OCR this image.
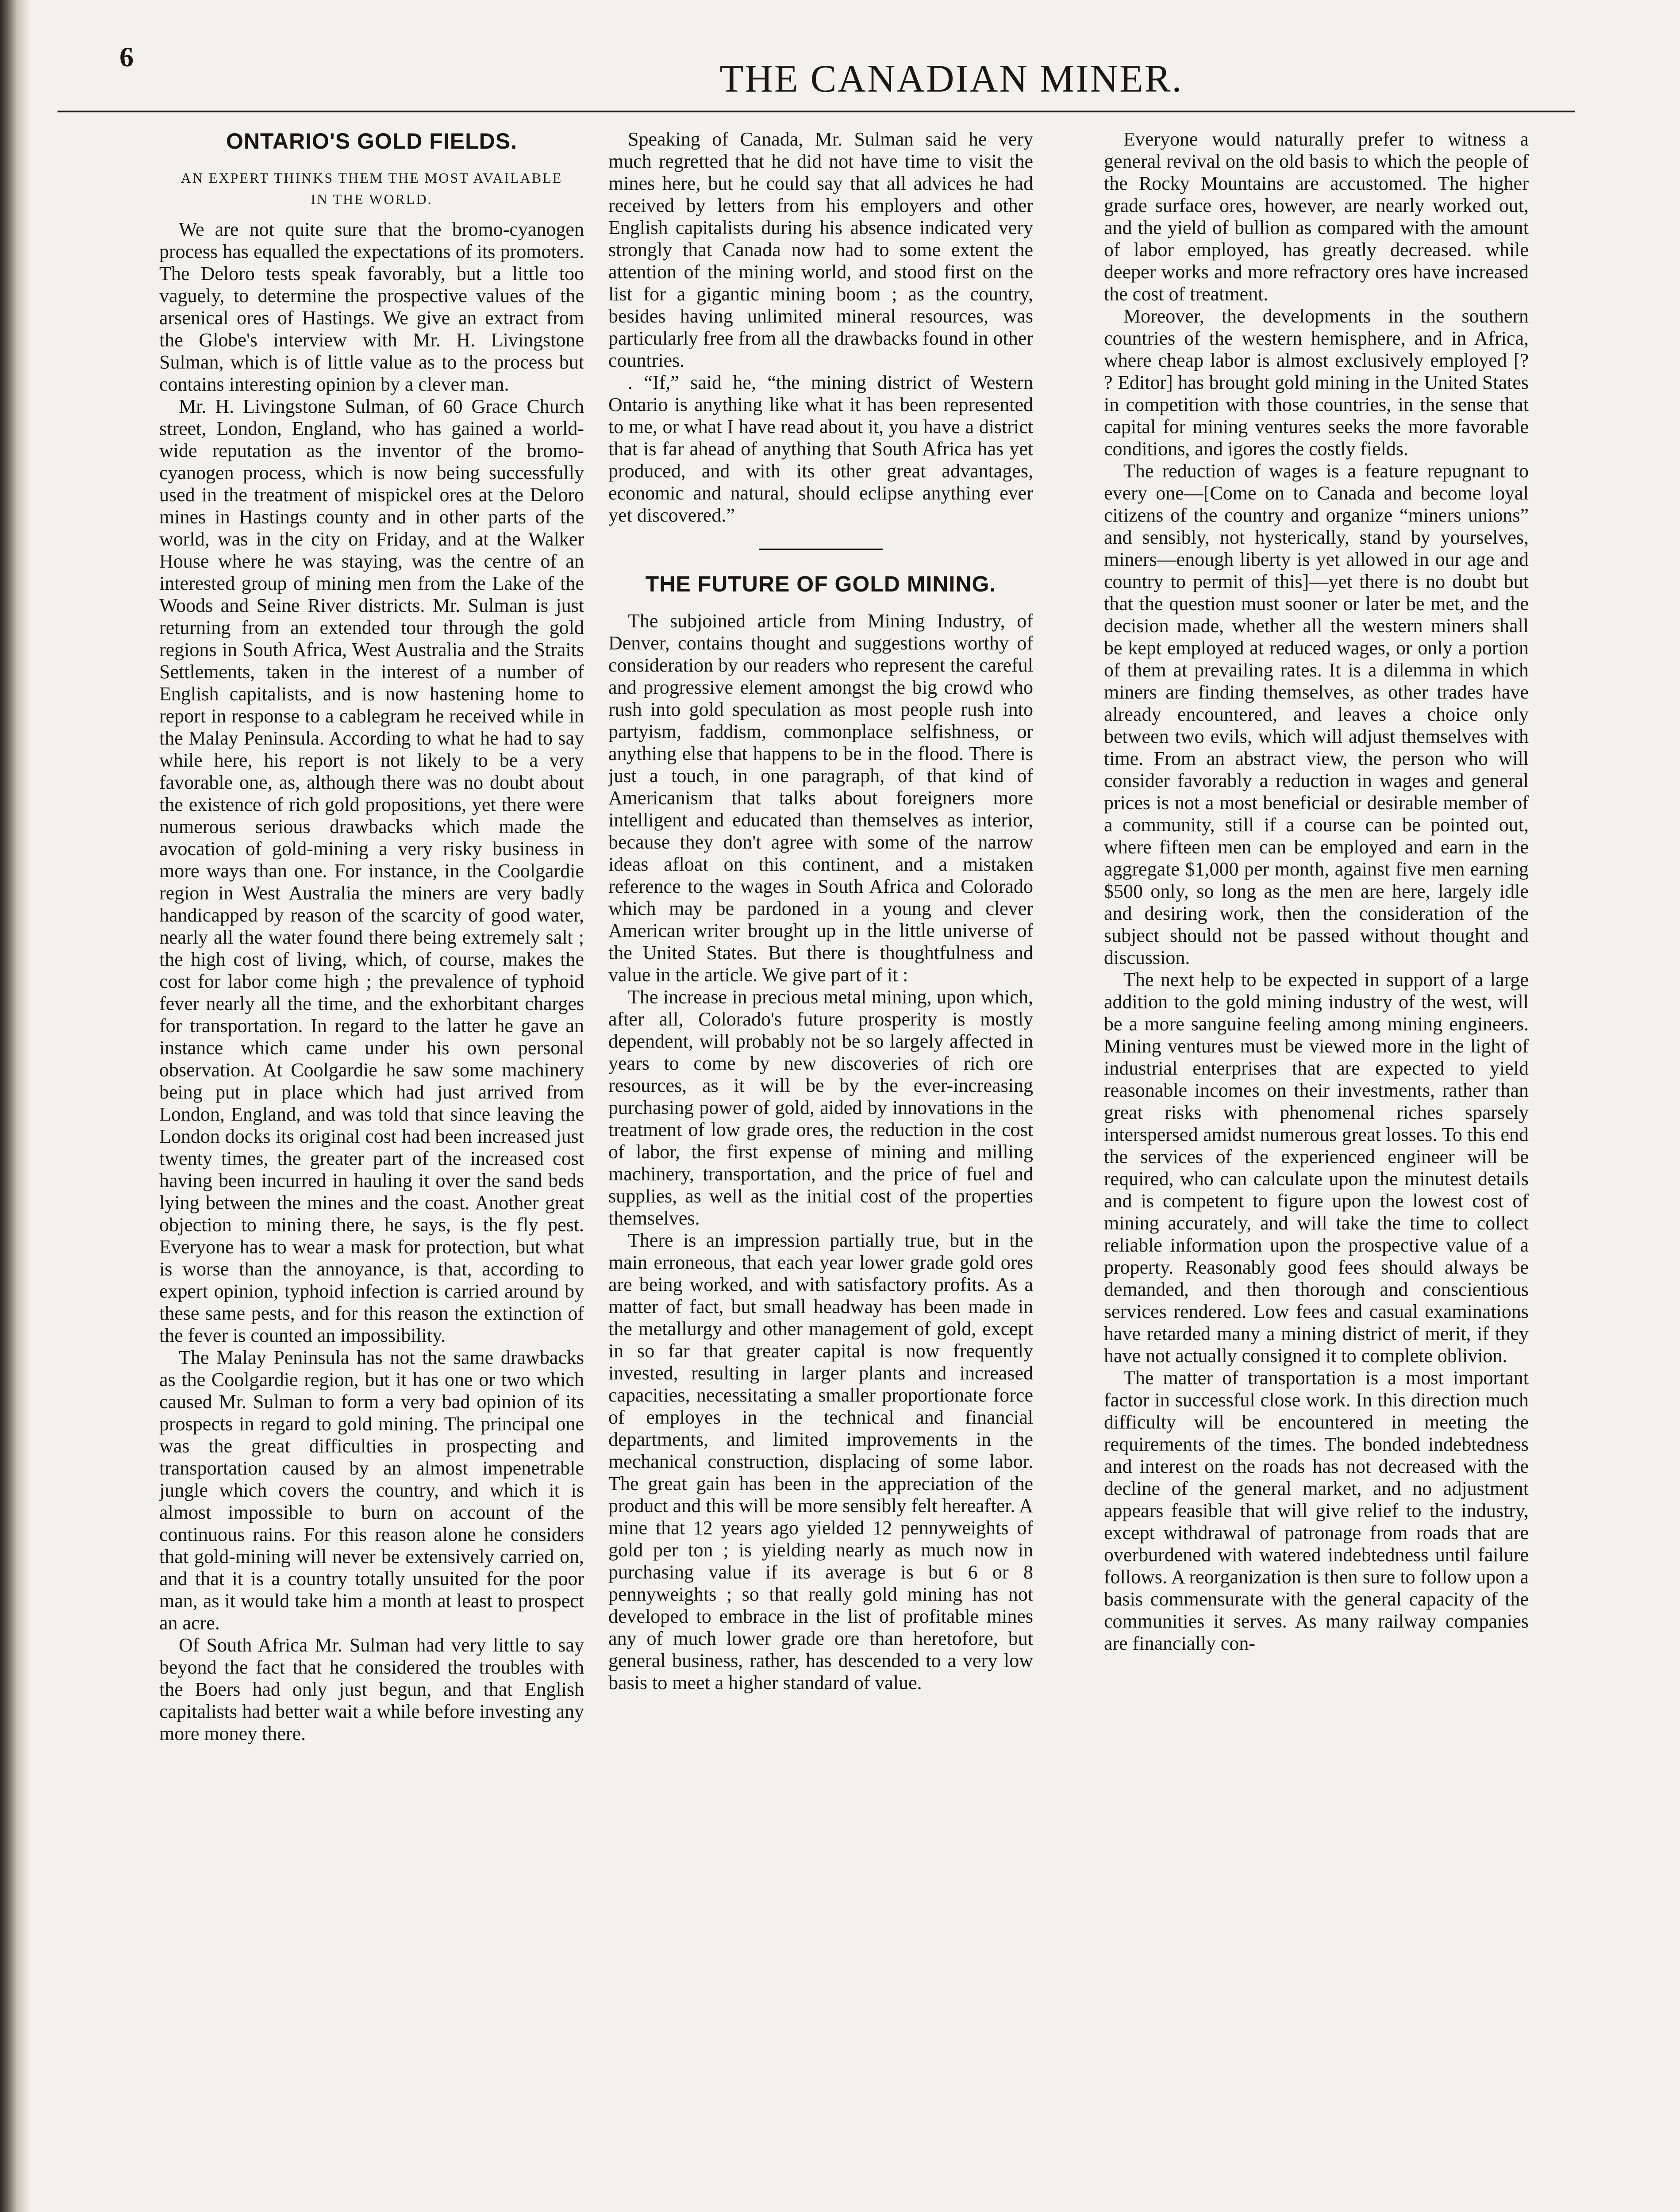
6
THE CANADIAN MINER.
ONTARIO'S GOLD FIELDS.
AN EXPERT THINKS THEM THE MOST AVAILABLE IN THE WORLD.

We are not quite sure that the bromo-cyanogen process has equalled the expectations of its promoters. The Deloro tests speak favorably, but a little too vaguely, to determine the prospective values of the arsenical ores of Hastings. We give an extract from the Globe's interview with Mr. H. Livingstone Sulman, which is of little value as to the process but contains interesting opinion by a clever man.

Mr. H. Livingstone Sulman, of 60 Grace Church street, London, England, who has gained a world-wide reputation as the inventor of the bromo-cyanogen process, which is now being successfully used in the treatment of mispickel ores at the Deloro mines in Hastings county and in other parts of the world, was in the city on Friday, and at the Walker House where he was staying, was the centre of an interested group of mining men from the Lake of the Woods and Seine River districts. Mr. Sulman is just returning from an extended tour through the gold regions in South Africa, West Australia and the Straits Settlements, taken in the interest of a number of English capitalists, and is now hastening home to report in response to a cablegram he received while in the Malay Peninsula. According to what he had to say while here, his report is not likely to be a very favorable one, as, although there was no doubt about the existence of rich gold propositions, yet there were numerous serious drawbacks which made the avocation of gold-mining a very risky business in more ways than one. For instance, in the Coolgardie region in West Australia the miners are very badly handicapped by reason of the scarcity of good water, nearly all the water found there being extremely salt ; the high cost of living, which, of course, makes the cost for labor come high ; the prevalence of typhoid fever nearly all the time, and the exhorbitant charges for transportation. In regard to the latter he gave an instance which came under his own personal observation. At Coolgardie he saw some machinery being put in place which had just arrived from London, England, and was told that since leaving the London docks its original cost had been increased just twenty times, the greater part of the increased cost having been incurred in hauling it over the sand beds lying between the mines and the coast. Another great objection to mining there, he says, is the fly pest. Everyone has to wear a mask for protection, but what is worse than the annoyance, is that, according to expert opinion, typhoid infection is carried around by these same pests, and for this reason the extinction of the fever is counted an impossibility.

The Malay Peninsula has not the same drawbacks as the Coolgardie region, but it has one or two which caused Mr. Sulman to form a very bad opinion of its prospects in regard to gold mining. The principal one was the great difficulties in prospecting and transportation caused by an almost impenetrable jungle which covers the country, and which it is almost impossible to burn on account of the continuous rains. For this reason alone he considers that gold-mining will never be extensively carried on, and that it is a country totally unsuited for the poor man, as it would take him a month at least to prospect an acre.

Of South Africa Mr. Sulman had very little to say beyond the fact that he considered the troubles with the Boers had only just begun, and that English capitalists had better wait a while before investing any more money there.

Speaking of Canada, Mr. Sulman said he very much regretted that he did not have time to visit the mines here, but he could say that all advices he had received by letters from his employers and other English capitalists during his absence indicated very strongly that Canada now had to some extent the attention of the mining world, and stood first on the list for a gigantic mining boom ; as the country, besides having unlimited mineral resources, was particularly free from all the drawbacks found in other countries.

. “If,” said he, “the mining district of Western Ontario is anything like what it has been represented to me, or what I have read about it, you have a district that is far ahead of anything that South Africa has yet produced, and with its other great advantages, economic and natural, should eclipse anything ever yet discovered.”

THE FUTURE OF GOLD MINING.

The subjoined article from Mining Industry, of Denver, contains thought and suggestions worthy of consideration by our readers who represent the careful and progressive element amongst the big crowd who rush into gold speculation as most people rush into partyism, faddism, commonplace selfishness, or anything else that happens to be in the flood. There is just a touch, in one paragraph, of that kind of Americanism that talks about foreigners more intelligent and educated than themselves as interior, because they don't agree with some of the narrow ideas afloat on this continent, and a mistaken reference to the wages in South Africa and Colorado which may be pardoned in a young and clever American writer brought up in the little universe of the United States. But there is thoughtfulness and value in the article. We give part of it :

The increase in precious metal mining, upon which, after all, Colorado's future prosperity is mostly dependent, will probably not be so largely affected in years to come by new discoveries of rich ore resources, as it will be by the ever-increasing purchasing power of gold, aided by innovations in the treatment of low grade ores, the reduction in the cost of labor, the first expense of mining and milling machinery, transportation, and the price of fuel and supplies, as well as the initial cost of the properties themselves.

There is an impression partially true, but in the main erroneous, that each year lower grade gold ores are being worked, and with satisfactory profits. As a matter of fact, but small headway has been made in the metallurgy and other management of gold, except in so far that greater capital is now frequently invested, resulting in larger plants and increased capacities, necessitating a smaller proportionate force of employes in the technical and financial departments, and limited improvements in the mechanical construction, displacing of some labor. The great gain has been in the appreciation of the product and this will be more sensibly felt hereafter. A mine that 12 years ago yielded 12 pennyweights of gold per ton ; is yielding nearly as much now in purchasing value if its average is but 6 or 8 pennyweights ; so that really gold mining has not developed to embrace in the list of profitable mines any of much lower grade ore than heretofore, but general business, rather, has descended to a very low basis to meet a higher standard of value.

Everyone would naturally prefer to witness a general revival on the old basis to which the people of the Rocky Mountains are accustomed. The higher grade surface ores, however, are nearly worked out, and the yield of bullion as compared with the amount of labor employed, has greatly decreased. while deeper works and more refractory ores have increased the cost of treatment.

Moreover, the developments in the southern countries of the western hemisphere, and in Africa, where cheap labor is almost exclusively employed [? ? Editor] has brought gold mining in the United States in competition with those countries, in the sense that capital for mining ventures seeks the more favorable conditions, and igores the costly fields.

The reduction of wages is a feature repugnant to every one—[Come on to Canada and become loyal citizens of the country and organize “miners unions” and sensibly, not hysterically, stand by yourselves, miners—enough liberty is yet allowed in our age and country to permit of this]—yet there is no doubt but that the question must sooner or later be met, and the decision made, whether all the western miners shall be kept employed at reduced wages, or only a portion of them at prevailing rates. It is a dilemma in which miners are finding themselves, as other trades have already encountered, and leaves a choice only between two evils, which will adjust themselves with time. From an abstract view, the person who will consider favorably a reduction in wages and general prices is not a most beneficial or desirable member of a community, still if a course can be pointed out, where fifteen men can be employed and earn in the aggregate $1,000 per month, against five men earning $500 only, so long as the men are here, largely idle and desiring work, then the consideration of the subject should not be passed without thought and discussion.

The next help to be expected in support of a large addition to the gold mining industry of the west, will be a more sanguine feeling among mining engineers. Mining ventures must be viewed more in the light of industrial enterprises that are expected to yield reasonable incomes on their investments, rather than great risks with phenomenal riches sparsely interspersed amidst numerous great losses. To this end the services of the experienced engineer will be required, who can calculate upon the minutest details and is competent to figure upon the lowest cost of mining accurately, and will take the time to collect reliable information upon the prospective value of a property. Reasonably good fees should always be demanded, and then thorough and conscientious services rendered. Low fees and casual examinations have retarded many a mining district of merit, if they have not actually consigned it to complete oblivion.

The matter of transportation is a most important factor in successful close work. In this direction much difficulty will be encountered in meeting the requirements of the times. The bonded indebtedness and interest on the roads has not decreased with the decline of the general market, and no adjustment appears feasible that will give relief to the industry, except withdrawal of patronage from roads that are overburdened with watered indebtedness until failure follows. A reorganization is then sure to follow upon a basis commensurate with the general capacity of the communities it serves. As many railway companies are financially con-
